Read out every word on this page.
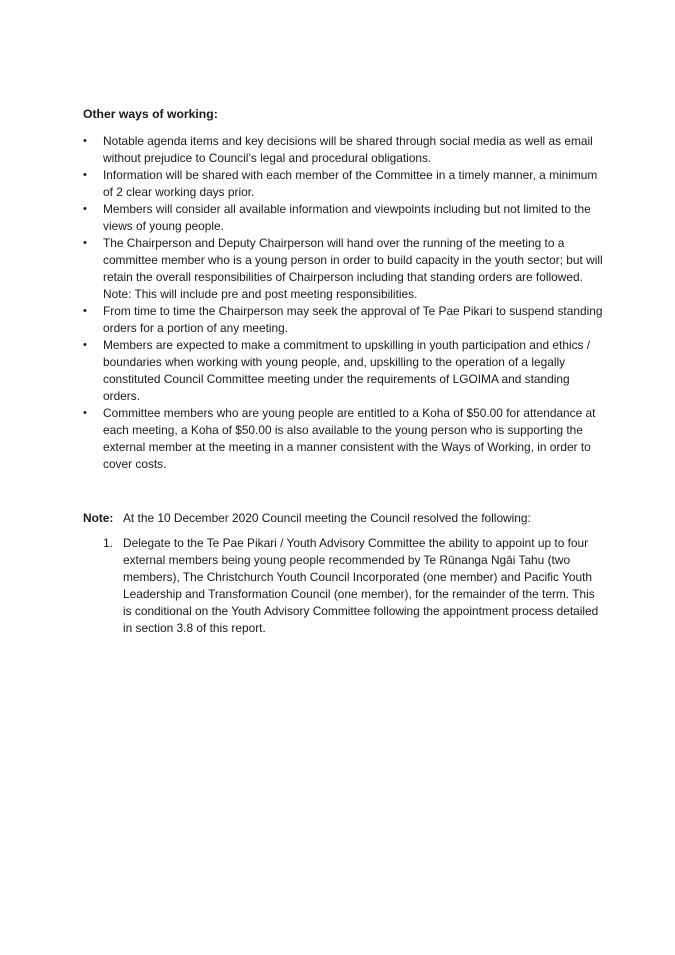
Other ways of working:
•	Notable agenda items and key decisions will be shared through social media as well as email without prejudice to Council’s legal and procedural obligations.
•	Information will be shared with each member of the Committee in a timely manner, a minimum of 2 clear working days prior.
•	Members will consider all available information and viewpoints including but not limited to the views of young people.
•	The Chairperson and Deputy Chairperson will hand over the running of the meeting to a committee member who is a young person in order to build capacity in the youth sector; but will retain the overall responsibilities of Chairperson including that standing orders are followed. Note: This will include pre and post meeting responsibilities.
•	From time to time the Chairperson may seek the approval of Te Pae Pikari to suspend standing orders for a portion of any meeting.
•	Members are expected to make a commitment to upskilling in youth participation and ethics / boundaries when working with young people, and, upskilling to the operation of a legally constituted Council Committee meeting under the requirements of LGOIMA and standing orders.
•	Committee members who are young people are entitled to a Koha of $50.00 for attendance at each meeting, a Koha of $50.00 is also available to the young person who is supporting the external member at the meeting in a manner consistent with the Ways of Working, in order to cover costs.
Note: At the 10 December 2020 Council meeting the Council resolved the following:
1. Delegate to the Te Pae Pikari / Youth Advisory Committee the ability to appoint up to four external members being young people recommended by Te Rūnanga Ngāi Tahu (two members), The Christchurch Youth Council Incorporated (one member) and Pacific Youth Leadership and Transformation Council (one member), for the remainder of the term. This is conditional on the Youth Advisory Committee following the appointment process detailed in section 3.8 of this report.
